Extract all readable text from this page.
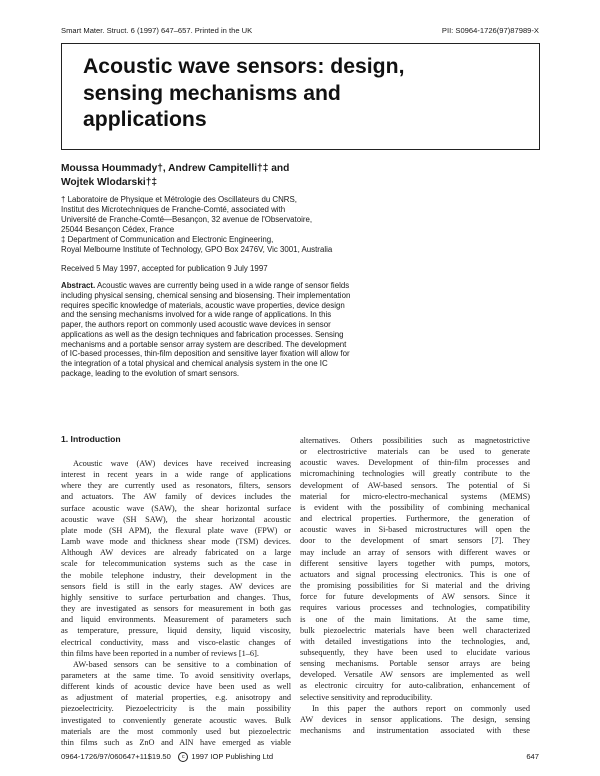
Smart Mater. Struct. 6 (1997) 647–657. Printed in the UK	PII: S0964-1726(97)87989-X
Acoustic wave sensors: design,
sensing mechanisms and
applications
Moussa Hoummady†, Andrew Campitelli†‡ and
Wojtek Wlodarski†‡
† Laboratoire de Physique et Métrologie des Oscillateurs du CNRS,
Institut des Microtechniques de Franche-Comté, associated with
Université de Franche-Comté—Besançon, 32 avenue de l'Observatoire,
25044 Besançon Cédex, France
‡ Department of Communication and Electronic Engineering,
Royal Melbourne Institute of Technology, GPO Box 2476V, Vic 3001, Australia
Received 5 May 1997, accepted for publication 9 July 1997
Abstract. Acoustic waves are currently being used in a wide range of sensor fields
including physical sensing, chemical sensing and biosensing. Their implementation
requires specific knowledge of materials, acoustic wave properties, device design
and the sensing mechanisms involved for a wide range of applications. In this
paper, the authors report on commonly used acoustic wave devices in sensor
applications as well as the design techniques and fabrication processes. Sensing
mechanisms and a portable sensor array system are described. The development
of IC-based processes, thin-film deposition and sensitive layer fixation will allow for
the integration of a total physical and chemical analysis system in the one IC
package, leading to the evolution of smart sensors.
1. Introduction
Acoustic wave (AW) devices have received increasing
interest in recent years in a wide range of applications
where they are currently used as resonators, filters, sensors
and actuators. The AW family of devices includes the
surface acoustic wave (SAW), the shear horizontal surface
acoustic wave (SH SAW), the shear horizontal acoustic
plate mode (SH APM), the flexural plate wave (FPW) or
Lamb wave mode and thickness shear mode (TSM) devices.
Although AW devices are already fabricated on a large
scale for telecommunication systems such as the case in
the mobile telephone industry, their development in the
sensors field is still in the early stages. AW devices are
highly sensitive to surface perturbation and changes. Thus,
they are investigated as sensors for measurement in both gas
and liquid environments. Measurement of parameters such
as temperature, pressure, liquid density, liquid viscosity,
electrical conductivity, mass and visco-elastic changes of
thin films have been reported in a number of reviews [1–6].
AW-based sensors can be sensitive to a combination of
parameters at the same time. To avoid sensitivity overlaps,
different kinds of acoustic device have been used as well
as adjustment of material properties, e.g. anisotropy and
piezoelectricity. Piezoelectricity is the main possibility
investigated to conveniently generate acoustic waves. Bulk
materials are the most commonly used but piezoelectric
thin films such as ZnO and AlN have emerged as viable
alternatives. Others possibilities such as magnetostrictive
or electrostrictive materials can be used to generate
acoustic waves. Development of thin-film processes and
micromachining technologies will greatly contribute to the
development of AW-based sensors. The potential of Si
material for micro-electro-mechanical systems (MEMS)
is evident with the possibility of combining mechanical
and electrical properties. Furthermore, the generation of
acoustic waves in Si-based microstructures will open the
door to the development of smart sensors [7]. They
may include an array of sensors with different waves or
different sensitive layers together with pumps, motors,
actuators and signal processing electronics. This is one of
the promising possibilities for Si material and the driving
force for future developments of AW sensors. Since it
requires various processes and technologies, compatibility
is one of the main limitations. At the same time,
bulk piezoelectric materials have been well characterized
with detailed investigations into the technologies, and,
subsequently, they have been used to elucidate various
sensing mechanisms. Portable sensor arrays are being
developed. Versatile AW sensors are implemented as well
as electronic circuitry for auto-calibration, enhancement of
selective sensitivity and reproducibility.
In this paper the authors report on commonly used
AW devices in sensor applications. The design, sensing
mechanisms and instrumentation associated with these
0964-1726/97/060647+11$19.50 c 1997 IOP Publishing Ltd	647
